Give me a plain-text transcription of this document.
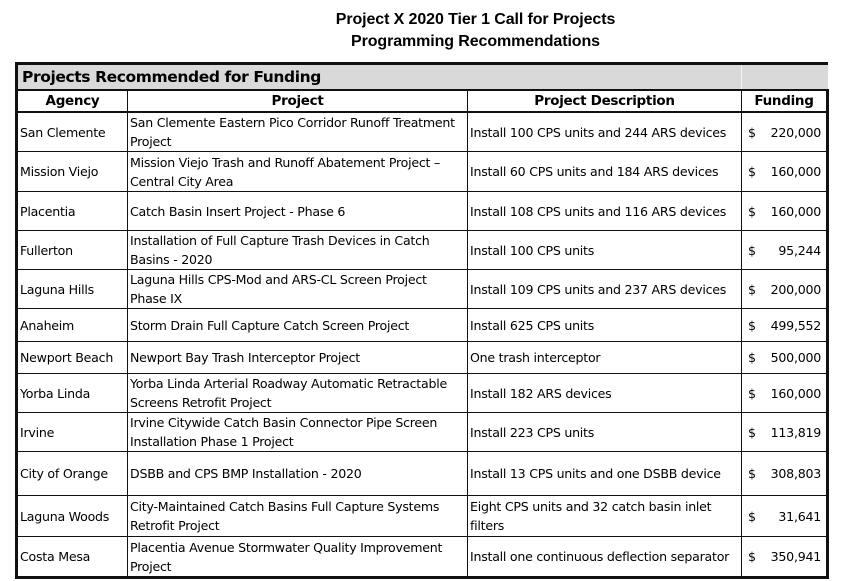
Project X 2020 Tier 1 Call for Projects
Programming Recommendations
Projects Recommended for Funding			
Agency	Project	Project Description	Funding
San Clemente	San Clemente Eastern Pico Corridor Runoff Treatment Project	Install 100 CPS units and 244 ARS devices	$ 220,000

Mission Viejo	Mission Viejo Trash and Runoff Abatement Project – Central City Area	Install 60 CPS units and 184 ARS devices	$ 160,000

Placentia	Catch Basin Insert Project - Phase 6	Install 108 CPS units and 116 ARS devices	$ 160,000

Fullerton	Installation of Full Capture Trash Devices in Catch Basins - 2020	Install 100 CPS units	$ 95,244

Laguna Hills	Laguna Hills CPS-Mod and ARS-CL Screen Project Phase IX	Install 109 CPS units and 237 ARS devices	$ 200,000

Anaheim	Storm Drain Full Capture Catch Screen Project	Install 625 CPS units	$ 499,552

Newport Beach	Newport Bay Trash Interceptor Project	One trash interceptor	$ 500,000

Yorba Linda	Yorba Linda Arterial Roadway Automatic Retractable Screens Retrofit Project	Install 182 ARS devices	$ 160,000

Irvine	Irvine Citywide Catch Basin Connector Pipe Screen Installation Phase 1 Project	Install 223 CPS units	$ 113,819

City of Orange	DSBB and CPS BMP Installation - 2020	Install 13 CPS units and one DSBB device	$ 308,803

Laguna Woods	City-Maintained Catch Basins Full Capture Systems Retrofit Project	Eight CPS units and 32 catch basin inlet filters	$ 31,641

Costa Mesa	Placentia Avenue Stormwater Quality Improvement Project	Install one continuous deflection separator	$ 350,941
